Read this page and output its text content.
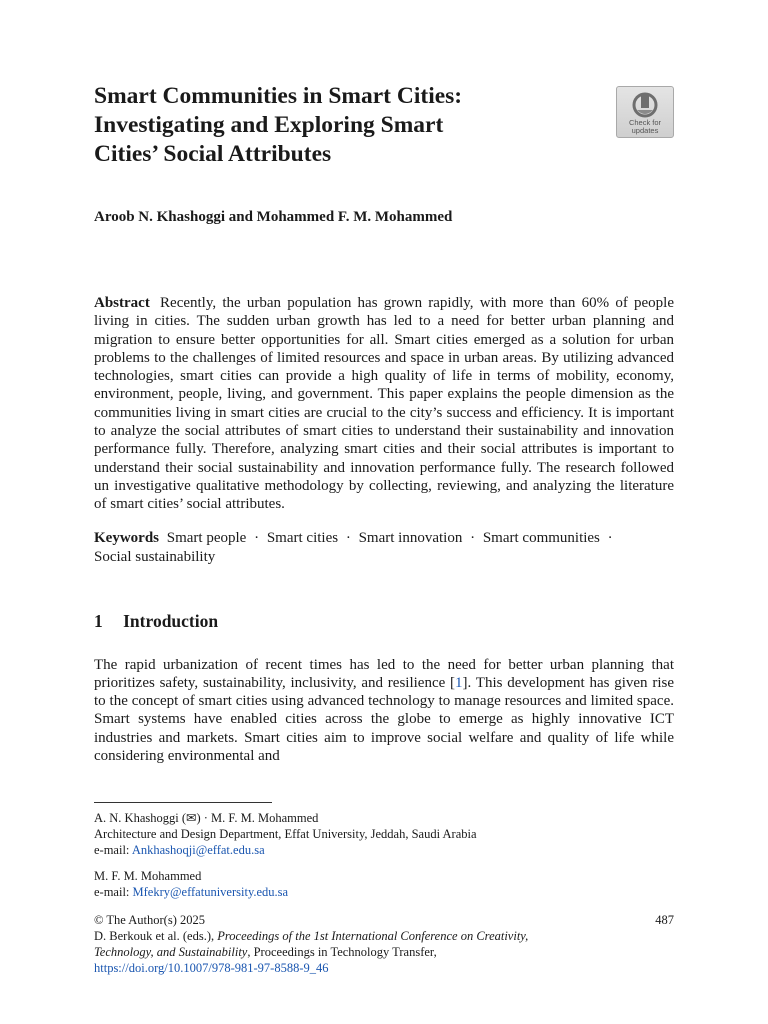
Smart Communities in Smart Cities:
Investigating and Exploring Smart
Cities’ Social Attributes
Check for
updates
Aroob N. Khashoggi and Mohammed F. M. Mohammed
Abstract Recently, the urban population has grown rapidly, with more than 60% of people living in cities. The sudden urban growth has led to a need for better urban planning and migration to ensure better opportunities for all. Smart cities emerged as a solution for urban problems to the challenges of limited resources and space in urban areas. By utilizing advanced technologies, smart cities can provide a high quality of life in terms of mobility, economy, environment, people, living, and government. This paper explains the people dimension as the communities living in smart cities are crucial to the city’s success and efficiency. It is important to analyze the social attributes of smart cities to understand their sustainability and innovation performance fully. Therefore, analyzing smart cities and their social attributes is important to understand their social sustainability and innovation performance fully. The research followed un investigative qualitative methodology by collecting, reviewing, and analyzing the literature of smart cities’ social attributes.
Keywords Smart people · Smart cities · Smart innovation · Smart communities ·
Social sustainability
1 Introduction
The rapid urbanization of recent times has led to the need for better urban planning that prioritizes safety, sustainability, inclusivity, and resilience [1]. This development has given rise to the concept of smart cities using advanced technology to manage resources and limited space. Smart systems have enabled cities across the globe to emerge as highly innovative ICT industries and markets. Smart cities aim to improve social welfare and quality of life while considering environmental and

A. N. Khashoggi (✉) · M. F. M. Mohammed

Architecture and Design Department, Effat University, Jeddah, Saudi Arabia

e-mail: Ankhashoqji@effat.edu.sa

M. F. M. Mohammed

e-mail: Mfekry@effatuniversity.edu.sa

© The Author(s) 2025	487

D. Berkouk et al. (eds.), Proceedings of the 1st International Conference on Creativity,

Technology, and Sustainability, Proceedings in Technology Transfer,

https://doi.org/10.1007/978-981-97-8588-9_46
